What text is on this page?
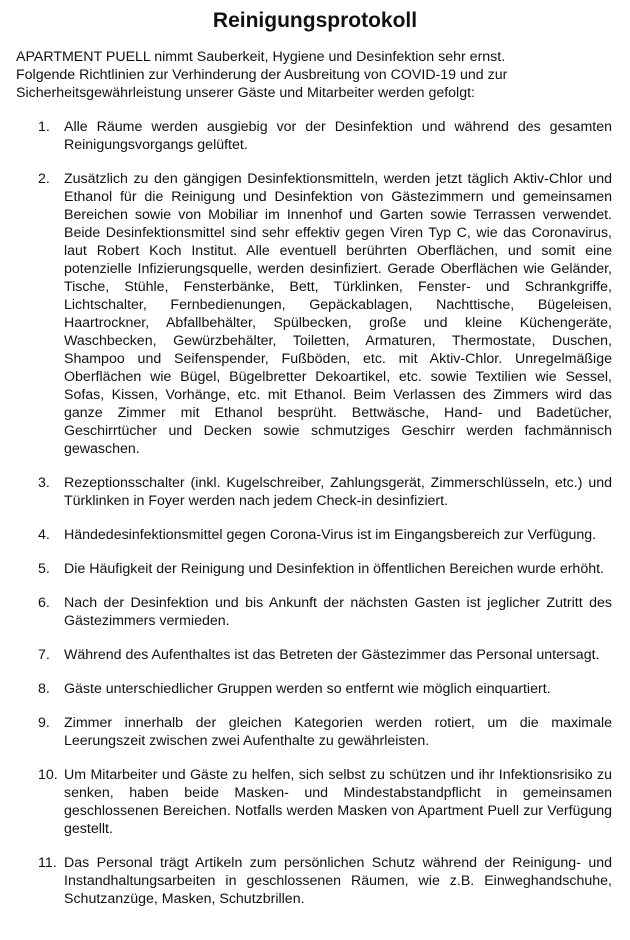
Reinigungsprotokoll

APARTMENT PUELL nimmt Sauberkeit, Hygiene und Desinfektion sehr ernst.

Folgende Richtlinien zur Verhinderung der Ausbreitung von COVID-19 und zur Sicherheitsgewährleistung unserer Gäste und Mitarbeiter werden gefolgt:

1. Alle Räume werden ausgiebig vor der Desinfektion und während des gesamten Reinigungsvorgangs gelüftet.
2. Zusätzlich zu den gängigen Desinfektionsmitteln, werden jetzt täglich Aktiv-Chlor und Ethanol für die Reinigung und Desinfektion von Gästezimmern und gemeinsamen Bereichen sowie von Mobiliar im Innenhof und Garten sowie Terrassen verwendet. Beide Desinfektionsmittel sind sehr effektiv gegen Viren Typ C, wie das Coronavirus, laut Robert Koch Institut. Alle eventuell berührten Oberflächen, und somit eine potenzielle Infizierungsquelle, werden desinfiziert. Gerade Oberflächen wie Geländer, Tische, Stühle, Fensterbänke, Bett, Türklinken, Fenster- und Schrankgriffe, Lichtschalter, Fernbedienungen, Gepäckablagen, Nachttische, Bügeleisen, Haartrockner, Abfallbehälter, Spülbecken, große und kleine Küchengeräte, Waschbecken, Gewürzbehälter, Toiletten, Armaturen, Thermostate, Duschen, Shampoo und Seifenspender, Fußböden, etc. mit Aktiv-Chlor. Unregelmäßige Oberflächen wie Bügel, Bügelbretter Dekoartikel, etc. sowie Textilien wie Sessel, Sofas, Kissen, Vorhänge, etc. mit Ethanol. Beim Verlassen des Zimmers wird das ganze Zimmer mit Ethanol besprüht. Bettwäsche, Hand- und Badetücher, Geschirrtücher und Decken sowie schmutziges Geschirr werden fachmännisch gewaschen.
3. Rezeptionsschalter (inkl. Kugelschreiber, Zahlungsgerät, Zimmerschlüsseln, etc.) und Türklinken in Foyer werden nach jedem Check-in desinfiziert.
4. Händedesinfektionsmittel gegen Corona-Virus ist im Eingangsbereich zur Verfügung.
5. Die Häufigkeit der Reinigung und Desinfektion in öffentlichen Bereichen wurde erhöht.
6. Nach der Desinfektion und bis Ankunft der nächsten Gasten ist jeglicher Zutritt des Gästezimmers vermieden.
7. Während des Aufenthaltes ist das Betreten der Gästezimmer das Personal untersagt.
8. Gäste unterschiedlicher Gruppen werden so entfernt wie möglich einquartiert.
9. Zimmer innerhalb der gleichen Kategorien werden rotiert, um die maximale Leerungszeit zwischen zwei Aufenthalte zu gewährleisten.
10. Um Mitarbeiter und Gäste zu helfen, sich selbst zu schützen und ihr Infektionsrisiko zu senken, haben beide Masken- und Mindestabstandpflicht in gemeinsamen geschlossenen Bereichen. Notfalls werden Masken von Apartment Puell zur Verfügung gestellt.
11. Das Personal trägt Artikeln zum persönlichen Schutz während der Reinigung- und Instandhaltungsarbeiten in geschlossenen Räumen, wie z.B. Einweghandschuhe, Schutzanzüge, Masken, Schutzbrillen.
